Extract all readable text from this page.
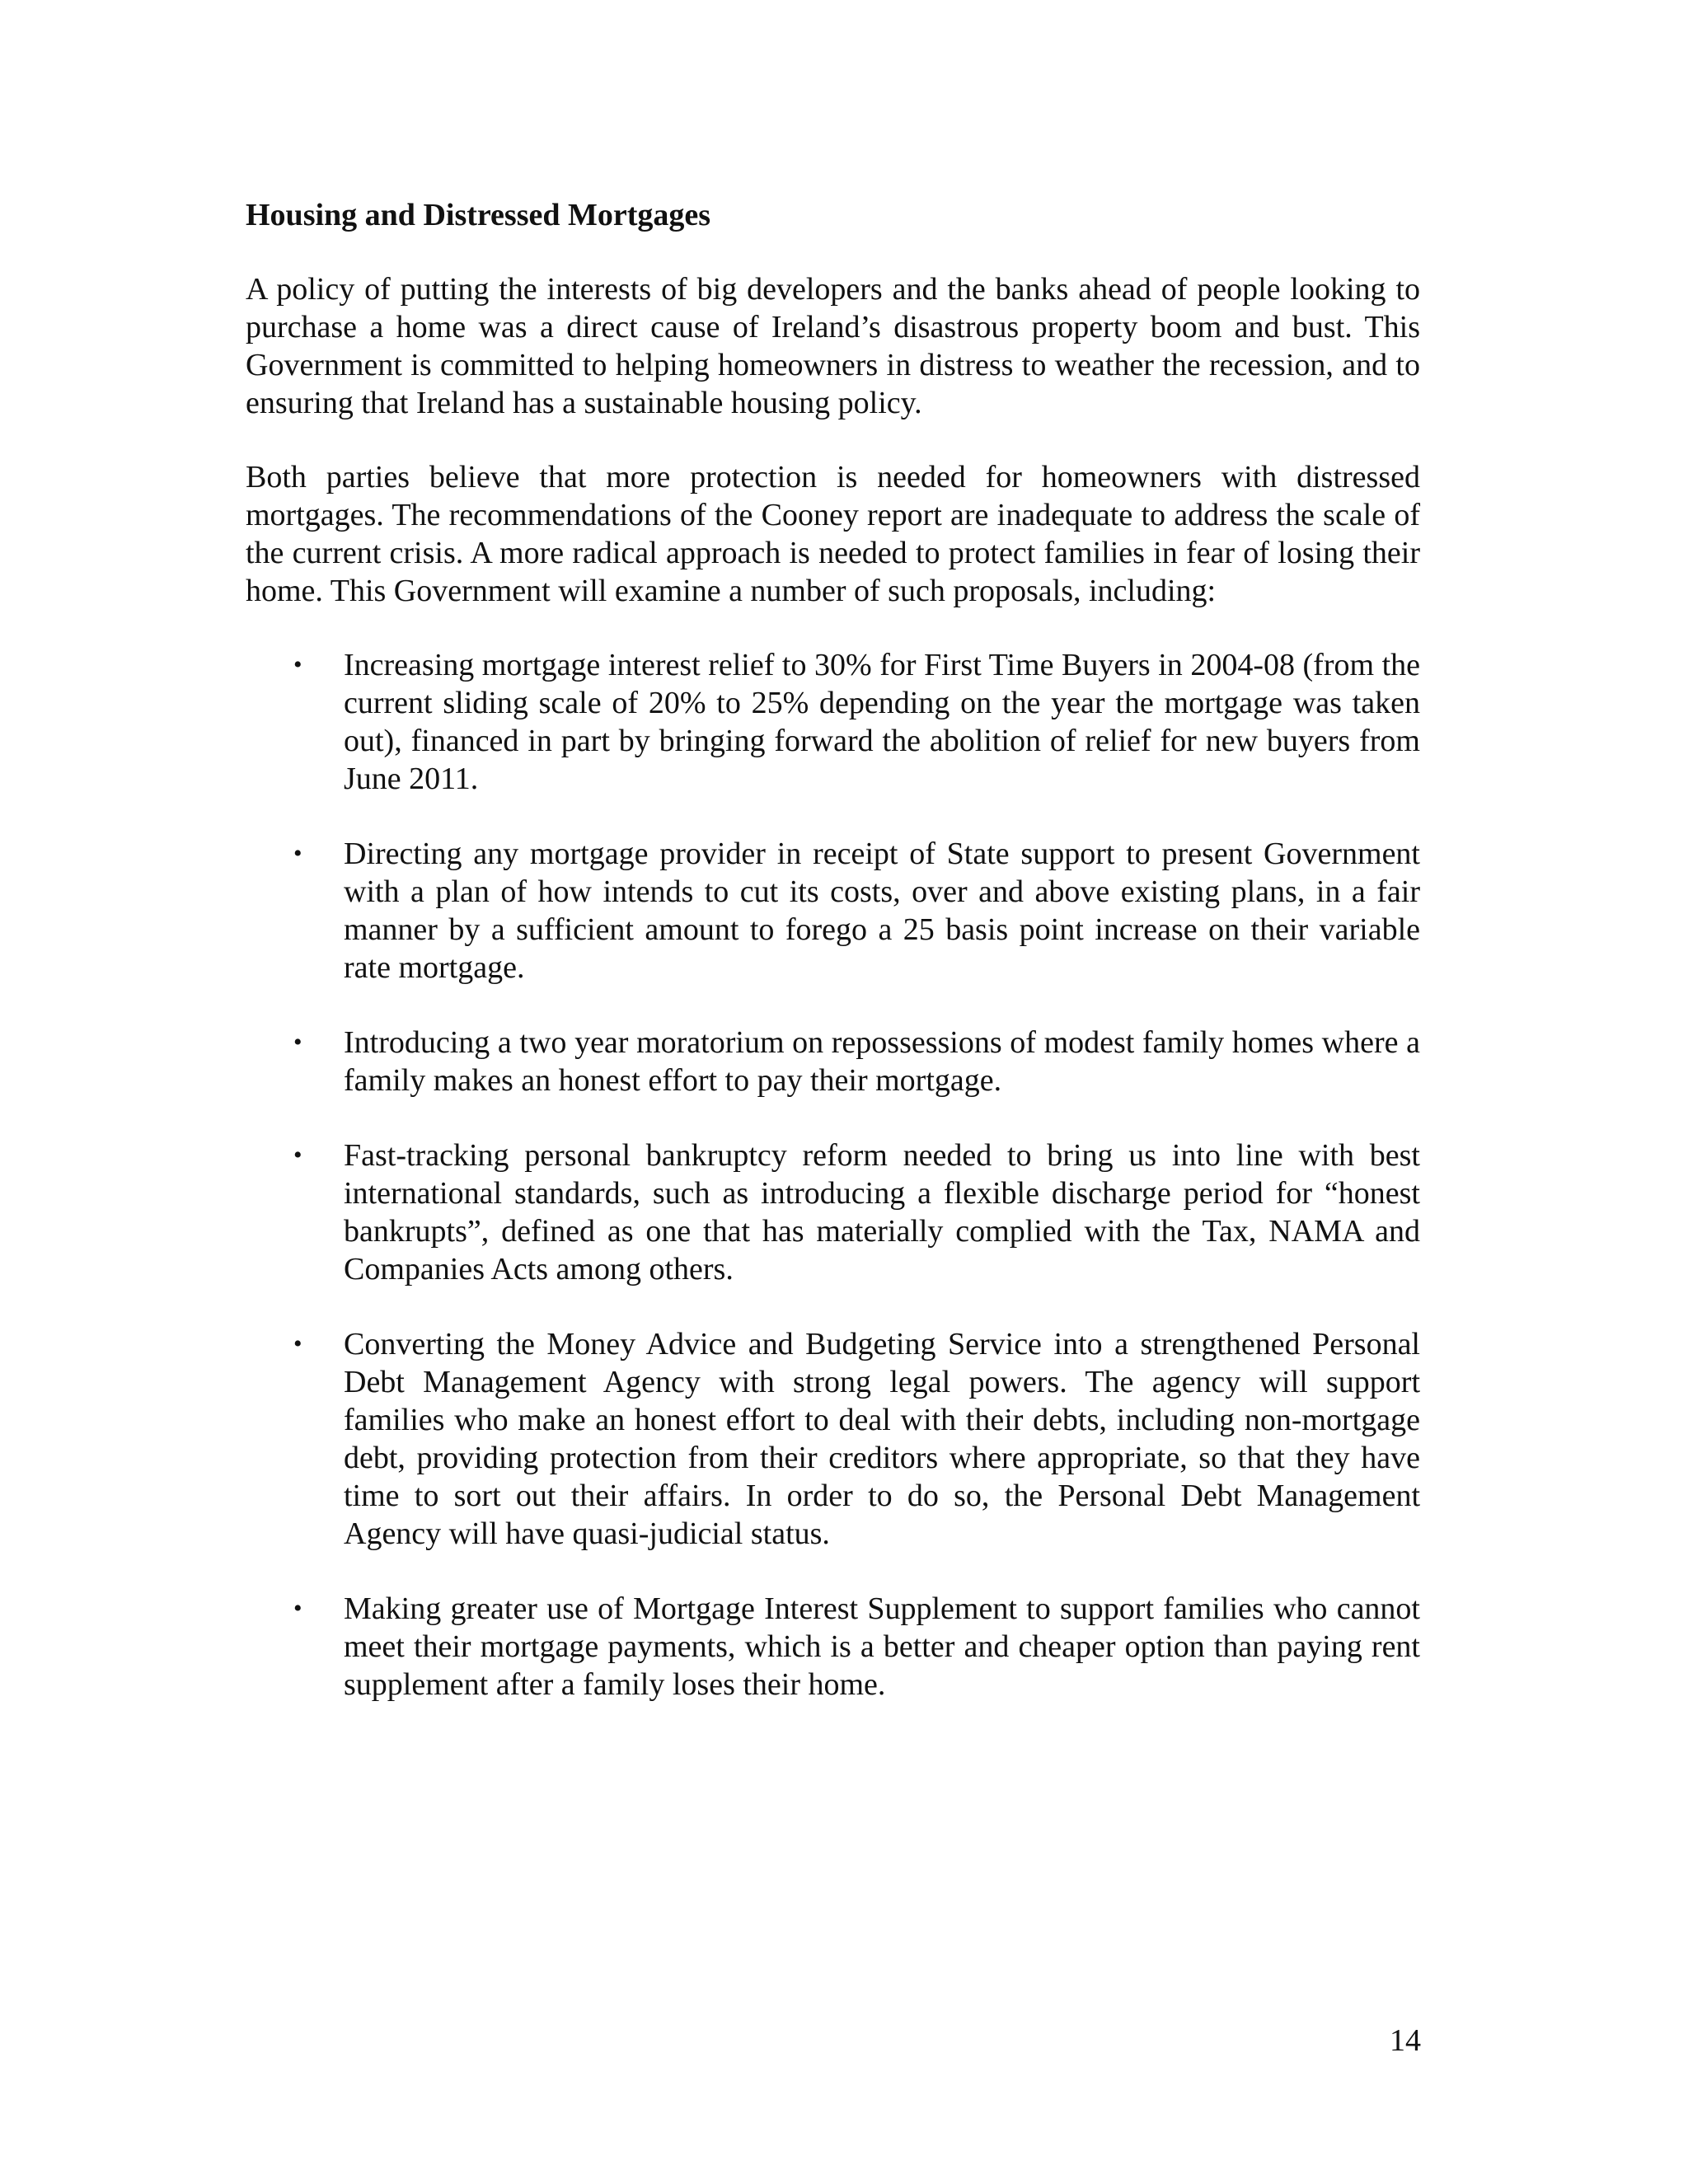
Housing and Distressed Mortgages

A policy of putting the interests of big developers and the banks ahead of people looking to purchase a home was a direct cause of Ireland’s disastrous property boom and bust. This Government is committed to helping homeowners in distress to weather the recession, and to ensuring that Ireland has a sustainable housing policy.

Both parties believe that more protection is needed for homeowners with distressed mortgages. The recommendations of the Cooney report are inadequate to address the scale of the current crisis. A more radical approach is needed to protect families in fear of losing their home. This Government will examine a number of such proposals, including:

• Increasing mortgage interest relief to 30% for First Time Buyers in 2004-08 (from the current sliding scale of 20% to 25% depending on the year the mortgage was taken out), financed in part by bringing forward the abolition of relief for new buyers from June 2011.
• Directing any mortgage provider in receipt of State support to present Government with a plan of how intends to cut its costs, over and above existing plans, in a fair manner by a sufficient amount to forego a 25 basis point increase on their variable rate mortgage.
• Introducing a two year moratorium on repossessions of modest family homes where a family makes an honest effort to pay their mortgage.
• Fast-tracking personal bankruptcy reform needed to bring us into line with best international standards, such as introducing a flexible discharge period for “honest bankrupts”, defined as one that has materially complied with the Tax, NAMA and Companies Acts among others.
• Converting the Money Advice and Budgeting Service into a strengthened Personal Debt Management Agency with strong legal powers. The agency will support families who make an honest effort to deal with their debts, including non-mortgage debt, providing protection from their creditors where appropriate, so that they have time to sort out their affairs. In order to do so, the Personal Debt Management Agency will have quasi-judicial status.
• Making greater use of Mortgage Interest Supplement to support families who cannot meet their mortgage payments, which is a better and cheaper option than paying rent supplement after a family loses their home.
14
